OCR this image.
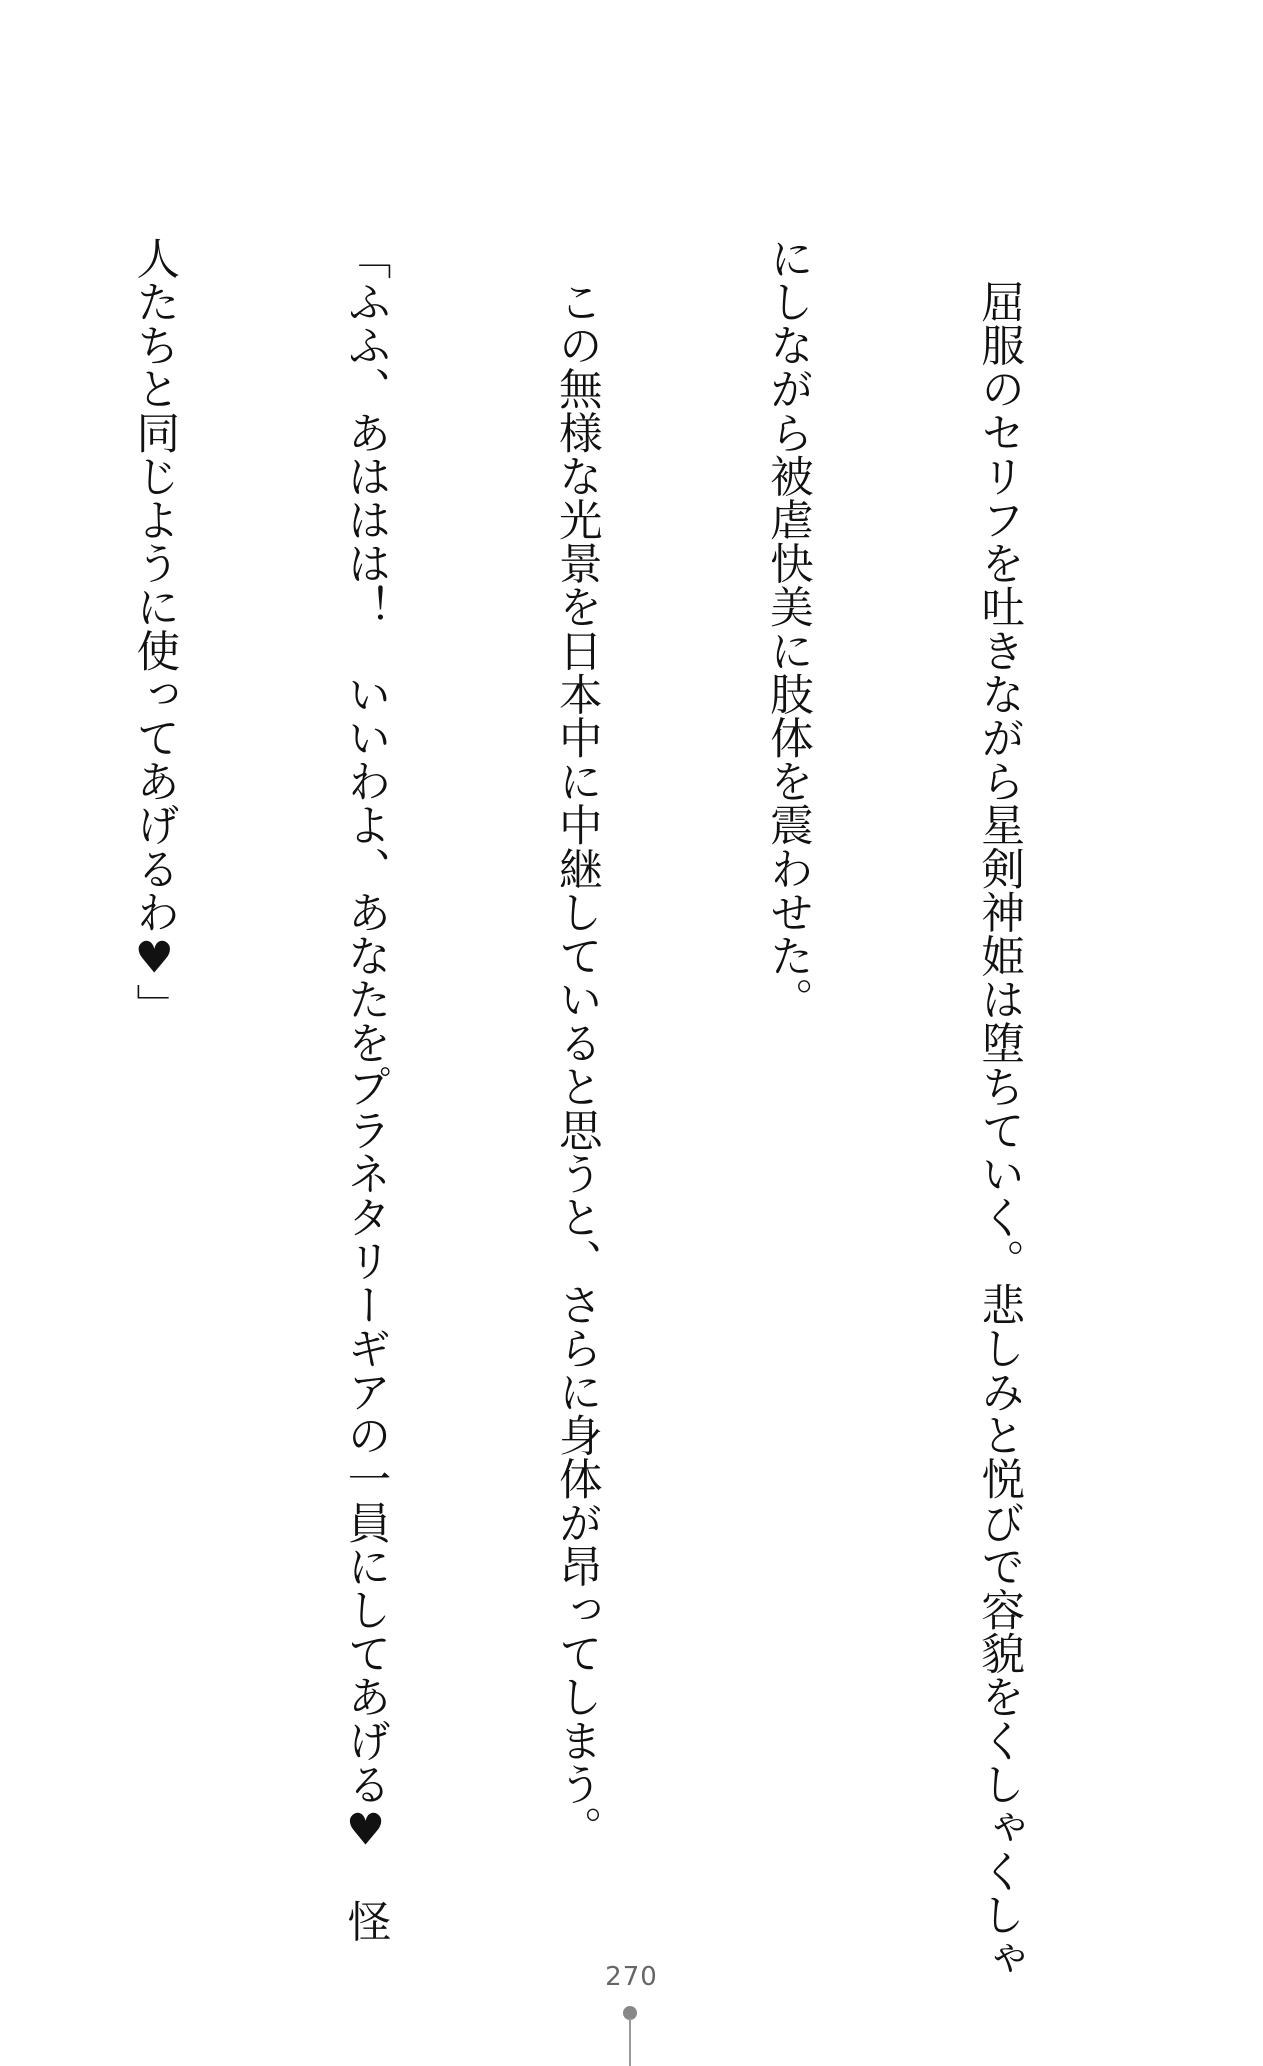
　屈服のセリフを吐きながら星剣神姫は堕ちていく。悲しみと悦びで容貌をくしゃくしゃ

にしながら被虐快美に肢体を震わせた。

　この無様な光景を日本中に中継していると思うと、さらに身体が昂ってしまう。

「ふふ、あははは！　いいわよ、あなたをプラネタリーギアの一員にしてあげる♥　怪

人たちと同じように使ってあげるわ♥」

270
